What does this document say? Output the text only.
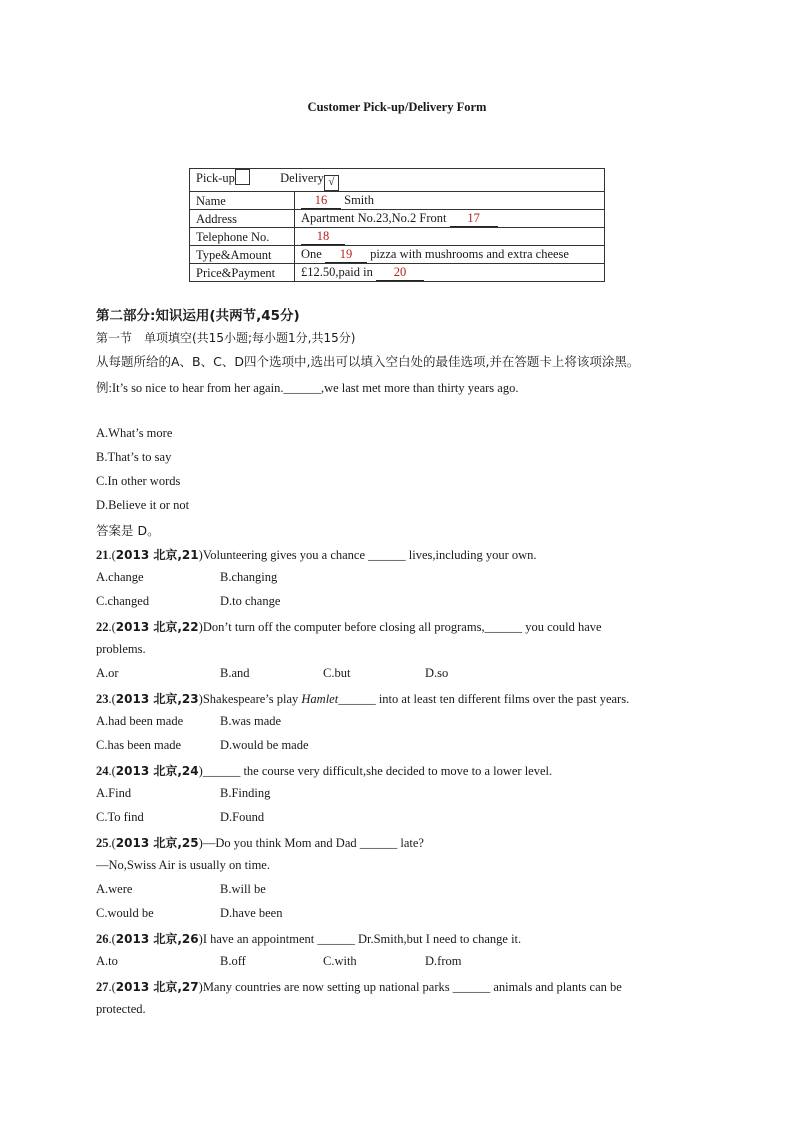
Customer Pick-up/Delivery Form
Pick-up Delivery √	
Name	16 Smith
Address	Apartment No.23,No.2 Front 17
Telephone No.	18
Type&Amount	One 19 pizza with mushrooms and extra cheese
Price&Payment	£12.50,paid in 20
第二部分:知识运用(共两节,45分)
第一节　单项填空(共15小题;每小题1分,共15分)
从每题所给的A、B、C、D四个选项中,选出可以填入空白处的最佳选项,并在答题卡上将该项涂黑。
例:It’s so nice to hear from her again.______,we last met more than thirty years ago.
A.What’s more
B.That’s to say
C.In other words
D.Believe it or not
答案是 D。
21.(2013 北京,21)Volunteering gives you a chance ______ lives,including your own.
A.change	B.changing
C.changed	D.to change
22.(2013 北京,22)Don’t turn off the computer before closing all programs,______ you could have
problems.
A.or	B.and	C.but	D.so
23.(2013 北京,23)Shakespeare’s play Hamlet______ into at least ten different films over the past years.
A.had been made	B.was made
C.has been made	D.would be made
24.(2013 北京,24)______ the course very difficult,she decided to move to a lower level.
A.Find	B.Finding
C.To find	D.Found
25.(2013 北京,25)—Do you think Mom and Dad ______ late?
—No,Swiss Air is usually on time.
A.were	B.will be
C.would be	D.have been
26.(2013 北京,26)I have an appointment ______ Dr.Smith,but I need to change it.
A.to	B.off	C.with	D.from
27.(2013 北京,27)Many countries are now setting up national parks ______ animals and plants can be
protected.
